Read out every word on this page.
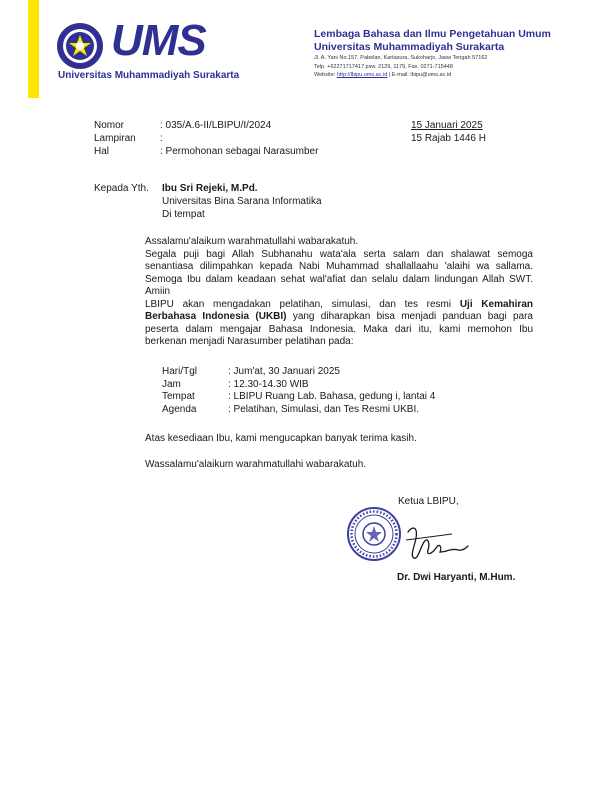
UMS
Universitas Muhammadiyah Surakarta
Lembaga Bahasa dan Ilmu Pengetahuan Umum
Universitas Muhammadiyah Surakarta
Jl. A. Yani No.157, Pabelan, Kartasura, Sukoharjo, Jawa Tengah 57162
Telp. +62271717417 psw. 2129, 1179, Fax. 0271-715448
Website: http://lbipu.ums.ac.id | E-mail: lbipu@ums.ac.id
Nomor	: 035/A.6-II/LBIPU/I/2024
Lampiran	:
Hal	: Permohonan sebagai Narasumber
15 Januari 2025
15 Rajab 1446 H
Kepada Yth. Ibu Sri Rejeki, M.Pd.
Universitas Bina Sarana Informatika
Di tempat

Assalamu'alaikum warahmatullahi wabarakatuh.

Segala puji bagi Allah Subhanahu wata'ala serta salam dan shalawat semoga senantiasa dilimpahkan kepada Nabi Muhammad shallallaahu 'alaihi wa sallama. Semoga Ibu dalam keadaan sehat wal'afiat dan selalu dalam lindungan Allah SWT. Amiin

LBIPU akan mengadakan pelatihan, simulasi, dan tes resmi Uji Kemahiran Berbahasa Indonesia (UKBI) yang diharapkan bisa menjadi panduan bagi para peserta dalam mengajar Bahasa Indonesia. Maka dari itu, kami memohon Ibu berkenan menjadi Narasumber pelatihan pada:

Hari/Tgl	: Jum'at, 30 Januari 2025
Jam	: 12.30-14.30 WIB
Tempat	: LBIPU Ruang Lab. Bahasa, gedung i, lantai 4
Agenda	: Pelatihan, Simulasi, dan Tes Resmi UKBI.
Atas kesediaan Ibu, kami mengucapkan banyak terima kasih.
Wassalamu'alaikum warahmatullahi wabarakatuh.
Ketua LBIPU,
Dr. Dwi Haryanti, M.Hum.
